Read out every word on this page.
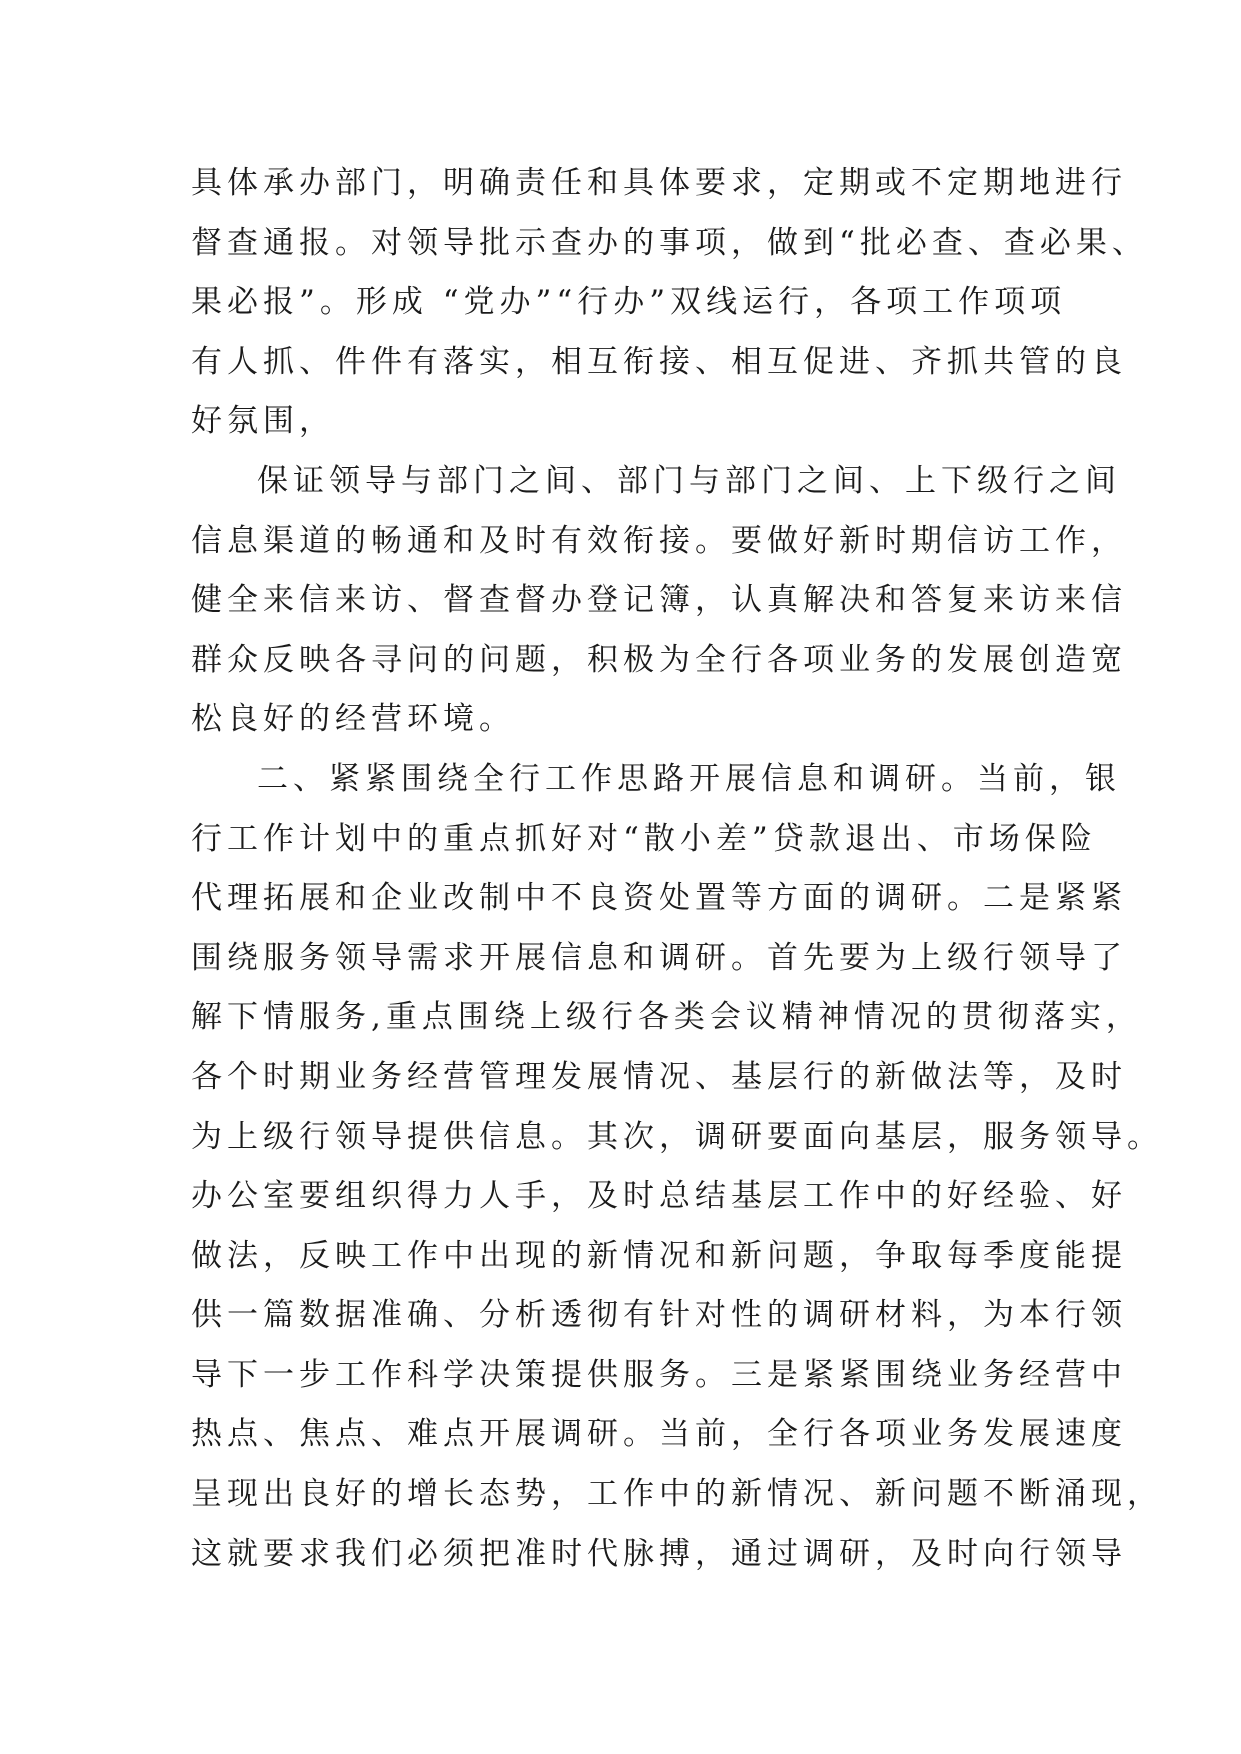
具体承办部门，明确责任和具体要求，定期或不定期地进行
督查通报。对领导批示查办的事项，做到“批必查、查必果、
果必报”。形成 “党办”“行办”双线运行，各项工作项项
有人抓、件件有落实，相互衔接、相互促进、齐抓共管的良
好氛围，
保证领导与部门之间、部门与部门之间、上下级行之间
信息渠道的畅通和及时有效衔接。要做好新时期信访工作，
健全来信来访、督查督办登记簿，认真解决和答复来访来信
群众反映各寻问的问题，积极为全行各项业务的发展创造宽
松良好的经营环境。
二、紧紧围绕全行工作思路开展信息和调研。当前，银
行工作计划中的重点抓好对“散小差”贷款退出、市场保险
代理拓展和企业改制中不良资处置等方面的调研。二是紧紧
围绕服务领导需求开展信息和调研。首先要为上级行领导了
解下情服务,重点围绕上级行各类会议精神情况的贯彻落实，
各个时期业务经营管理发展情况、基层行的新做法等，及时
为上级行领导提供信息。其次，调研要面向基层，服务领导。
办公室要组织得力人手，及时总结基层工作中的好经验、好
做法，反映工作中出现的新情况和新问题，争取每季度能提
供一篇数据准确、分析透彻有针对性的调研材料，为本行领
导下一步工作科学决策提供服务。三是紧紧围绕业务经营中
热点、焦点、难点开展调研。当前，全行各项业务发展速度
呈现出良好的增长态势，工作中的新情况、新问题不断涌现，
这就要求我们必须把准时代脉搏，通过调研，及时向行领导
